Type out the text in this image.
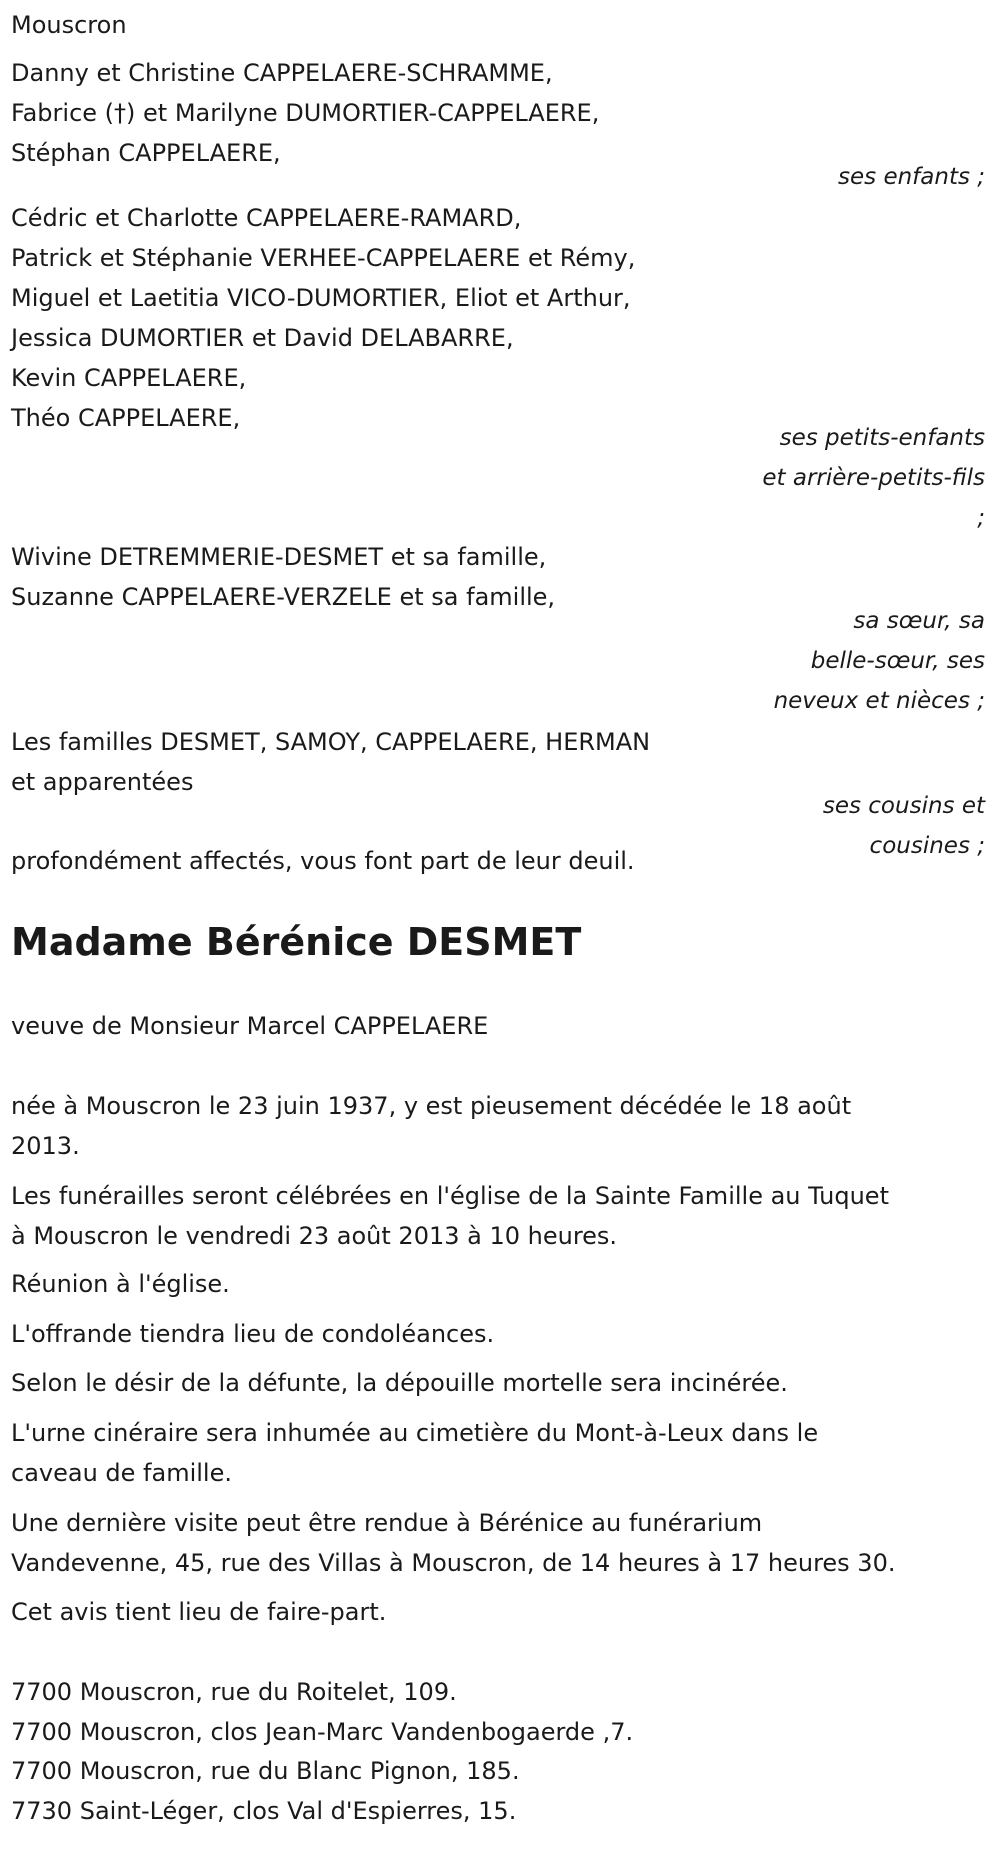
Mouscron
Danny et Christine CAPPELAERE-SCHRAMME,
Fabrice (†) et Marilyne DUMORTIER-CAPPELAERE,
Stéphan CAPPELAERE,
ses enfants ;
Cédric et Charlotte CAPPELAERE-RAMARD,
Patrick et Stéphanie VERHEE-CAPPELAERE et Rémy,
Miguel et Laetitia VICO-DUMORTIER, Eliot et Arthur,
Jessica DUMORTIER et David DELABARRE,
Kevin CAPPELAERE,
Théo CAPPELAERE,
ses petits-enfants
et arrière-petits-fils
;
Wivine DETREMMERIE-DESMET et sa famille,
Suzanne CAPPELAERE-VERZELE et sa famille,
sa sœur, sa
belle-sœur, ses
neveux et nièces ;
Les familles DESMET, SAMOY, CAPPELAERE, HERMAN
et apparentées
ses cousins et
cousines ;
profondément affectés, vous font part de leur deuil.
Madame Bérénice DESMET
veuve de Monsieur Marcel CAPPELAERE
née à Mouscron le 23 juin 1937, y est pieusement décédée le 18 août
2013.
Les funérailles seront célébrées en l'église de la Sainte Famille au Tuquet
à Mouscron le vendredi 23 août 2013 à 10 heures.
Réunion à l'église.
L'offrande tiendra lieu de condoléances.
Selon le désir de la défunte, la dépouille mortelle sera incinérée.
L'urne cinéraire sera inhumée au cimetière du Mont-à-Leux dans le
caveau de famille.
Une dernière visite peut être rendue à Bérénice au funérarium
Vandevenne, 45, rue des Villas à Mouscron, de 14 heures à 17 heures 30.
Cet avis tient lieu de faire-part.
7700 Mouscron, rue du Roitelet, 109.
7700 Mouscron, clos Jean-Marc Vandenbogaerde ,7.
7700 Mouscron, rue du Blanc Pignon, 185.
7730 Saint-Léger, clos Val d'Espierres, 15.
